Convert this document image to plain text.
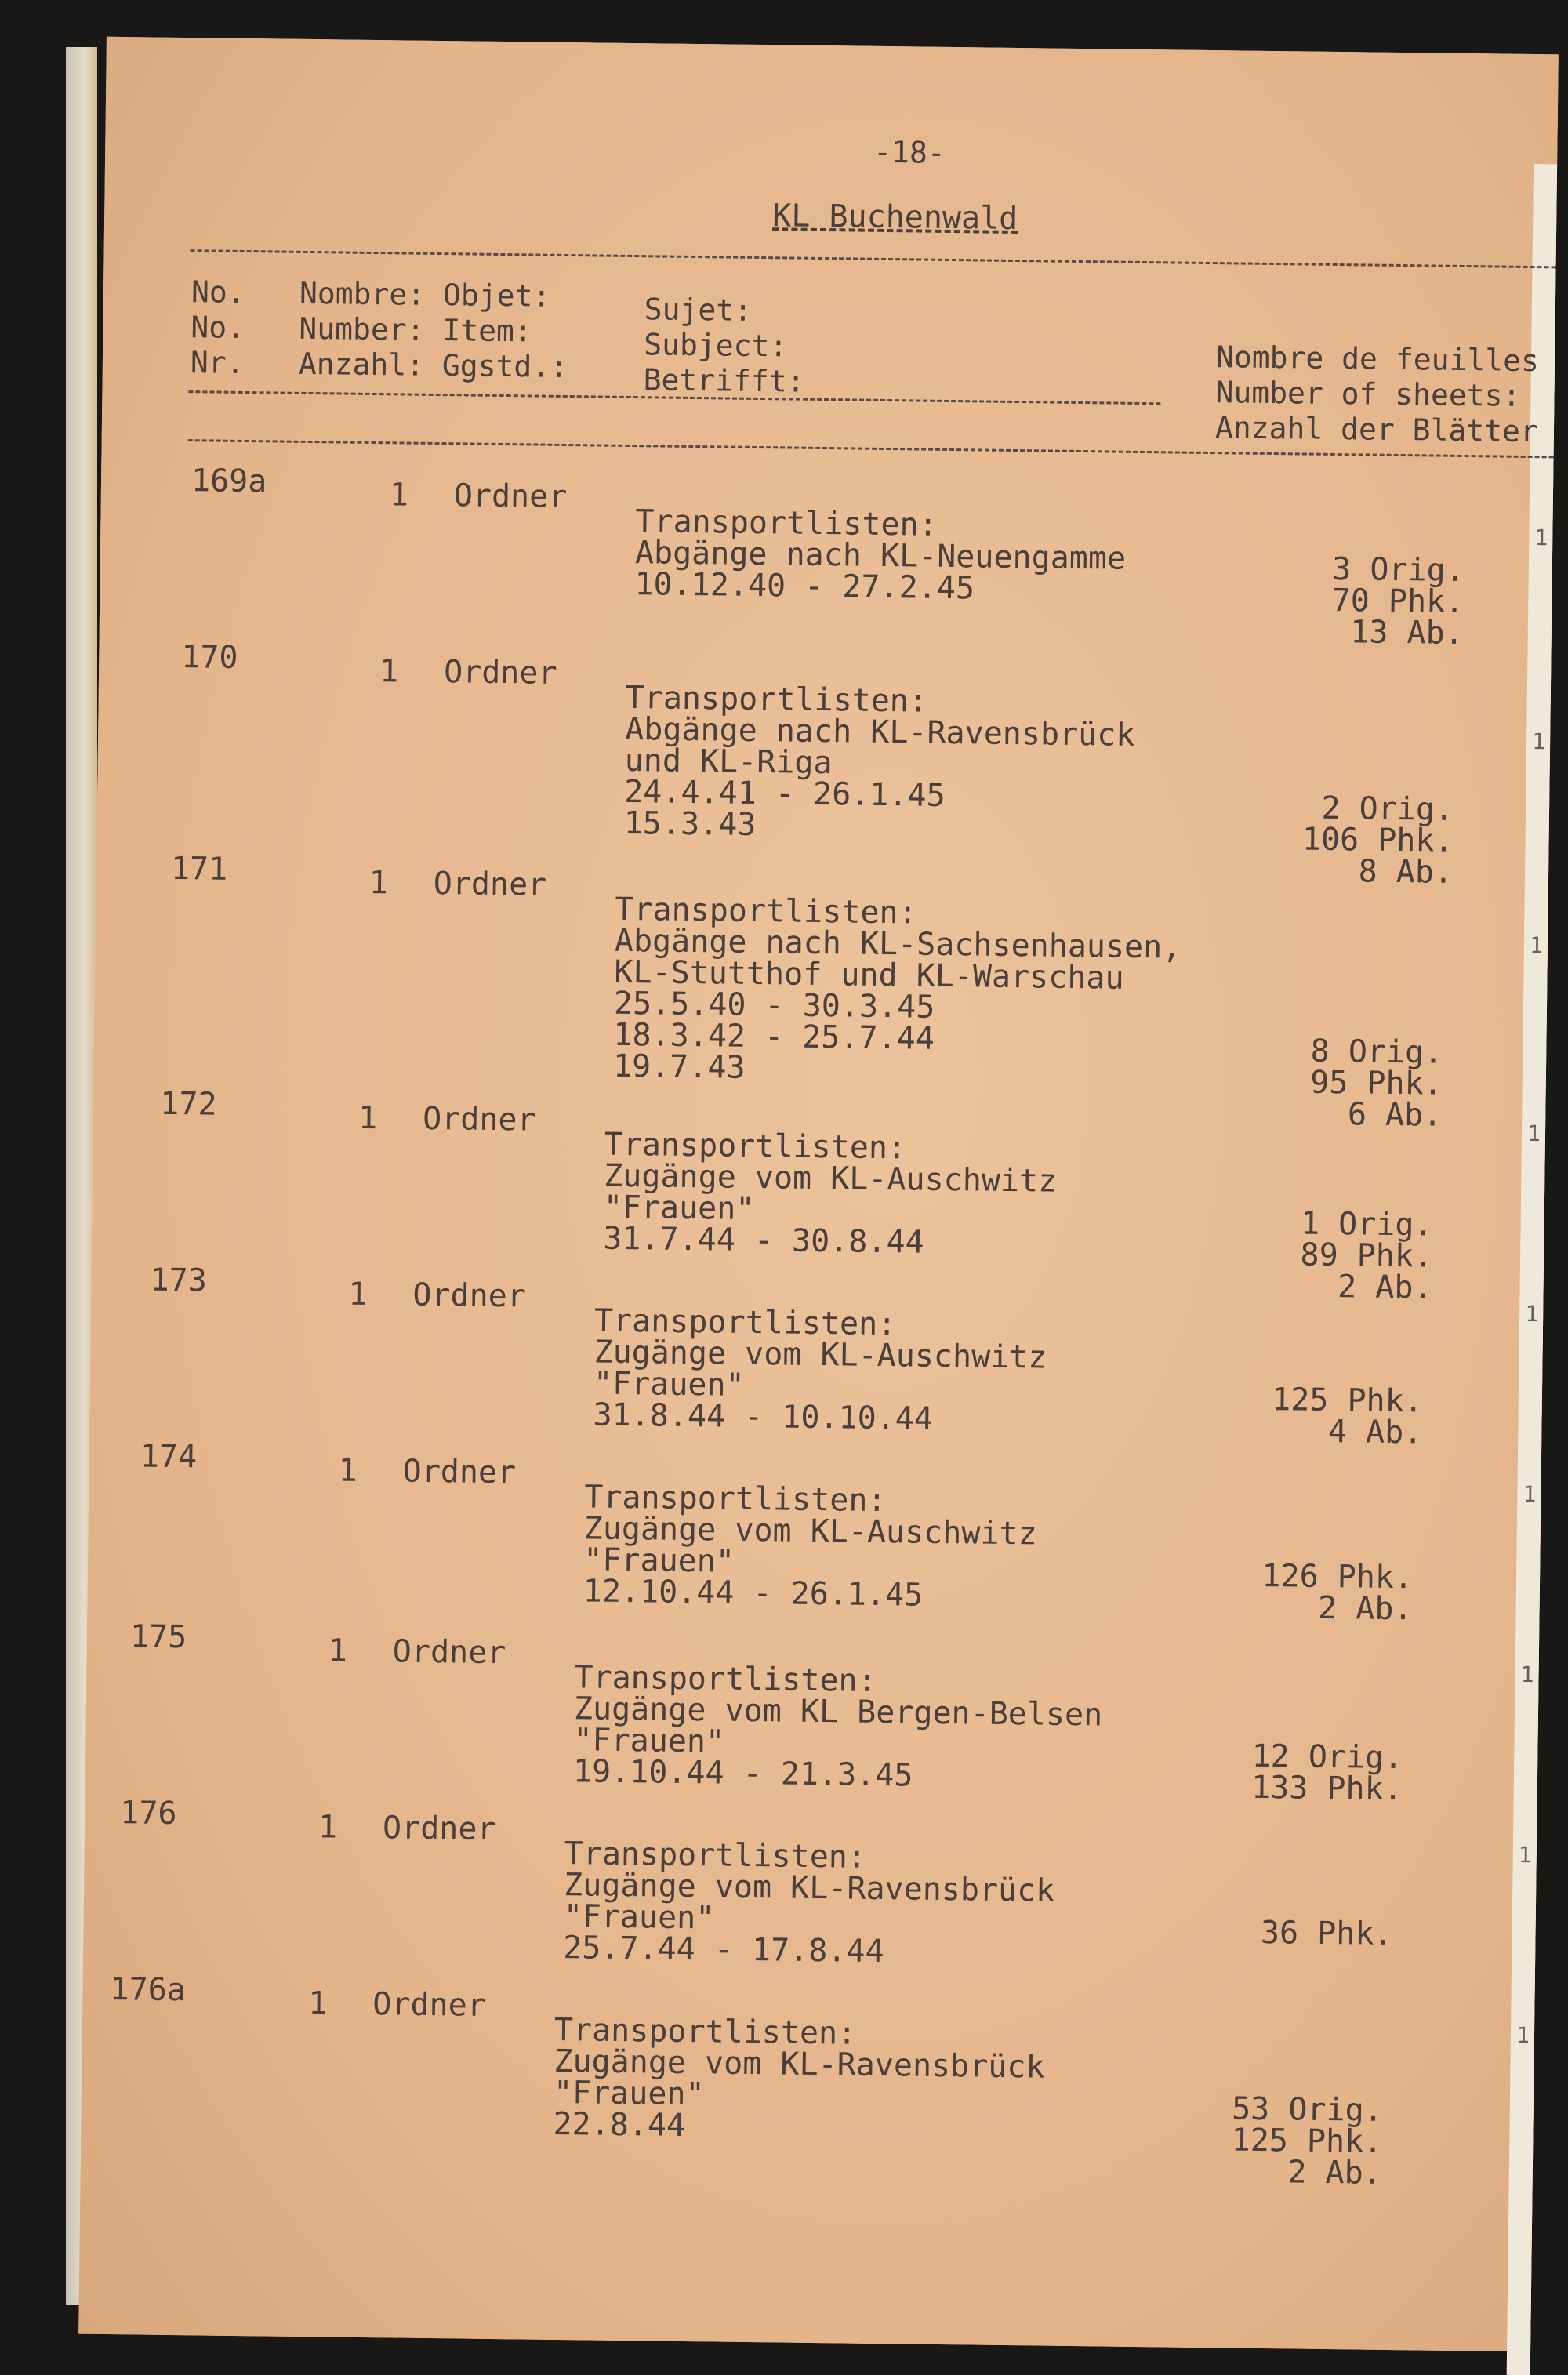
-18-
KL Buchenwald
No.
No.
Nr.
Nombre: Objet:
Number: Item:
Anzahl: Ggstd.:
Sujet:
Subject:
Betrifft:
Nombre de feuilles
Number of sheets:
Anzahl der Blätter
169a	1 Ordner
Transportlisten:
Abgänge nach KL-Neuengamme
10.12.40 - 27.2.45	3 Orig.
70 Phk.
13 Ab.
170	1 Ordner
Transportlisten:
Abgänge nach KL-Ravensbrück
und KL-Riga
24.4.41 - 26.1.45
15.3.43	2 Orig.
106 Phk.
8 Ab.
171	1 Ordner
Transportlisten:
Abgänge nach KL-Sachsenhausen,
KL-Stutthof und KL-Warschau
25.5.40 - 30.3.45
18.3.42 - 25.7.44
19.7.43	8 Orig.
95 Phk.
6 Ab.
172	1 Ordner
Transportlisten:
Zugänge vom KL-Auschwitz
"Frauen"
31.7.44 - 30.8.44	1 Orig.
89 Phk.
2 Ab.
173	1 Ordner
Transportlisten:
Zugänge vom KL-Auschwitz
"Frauen"
31.8.44 - 10.10.44	125 Phk.
4 Ab.
174	1 Ordner
Transportlisten:
Zugänge vom KL-Auschwitz
"Frauen"
12.10.44 - 26.1.45	126 Phk.
2 Ab.
175	1 Ordner
Transportlisten:
Zugänge vom KL Bergen-Belsen
"Frauen"
19.10.44 - 21.3.45	12 Orig.
133 Phk.
176	1 Ordner
Transportlisten:
Zugänge vom KL-Ravensbrück
"Frauen"
25.7.44 - 17.8.44	36 Phk.
176a	1 Ordner
Transportlisten:
Zugänge vom KL-Ravensbrück
"Frauen"
22.8.44	53 Orig.
125 Phk.
2 Ab.
1
1
1
1
1
1
1
1
1
